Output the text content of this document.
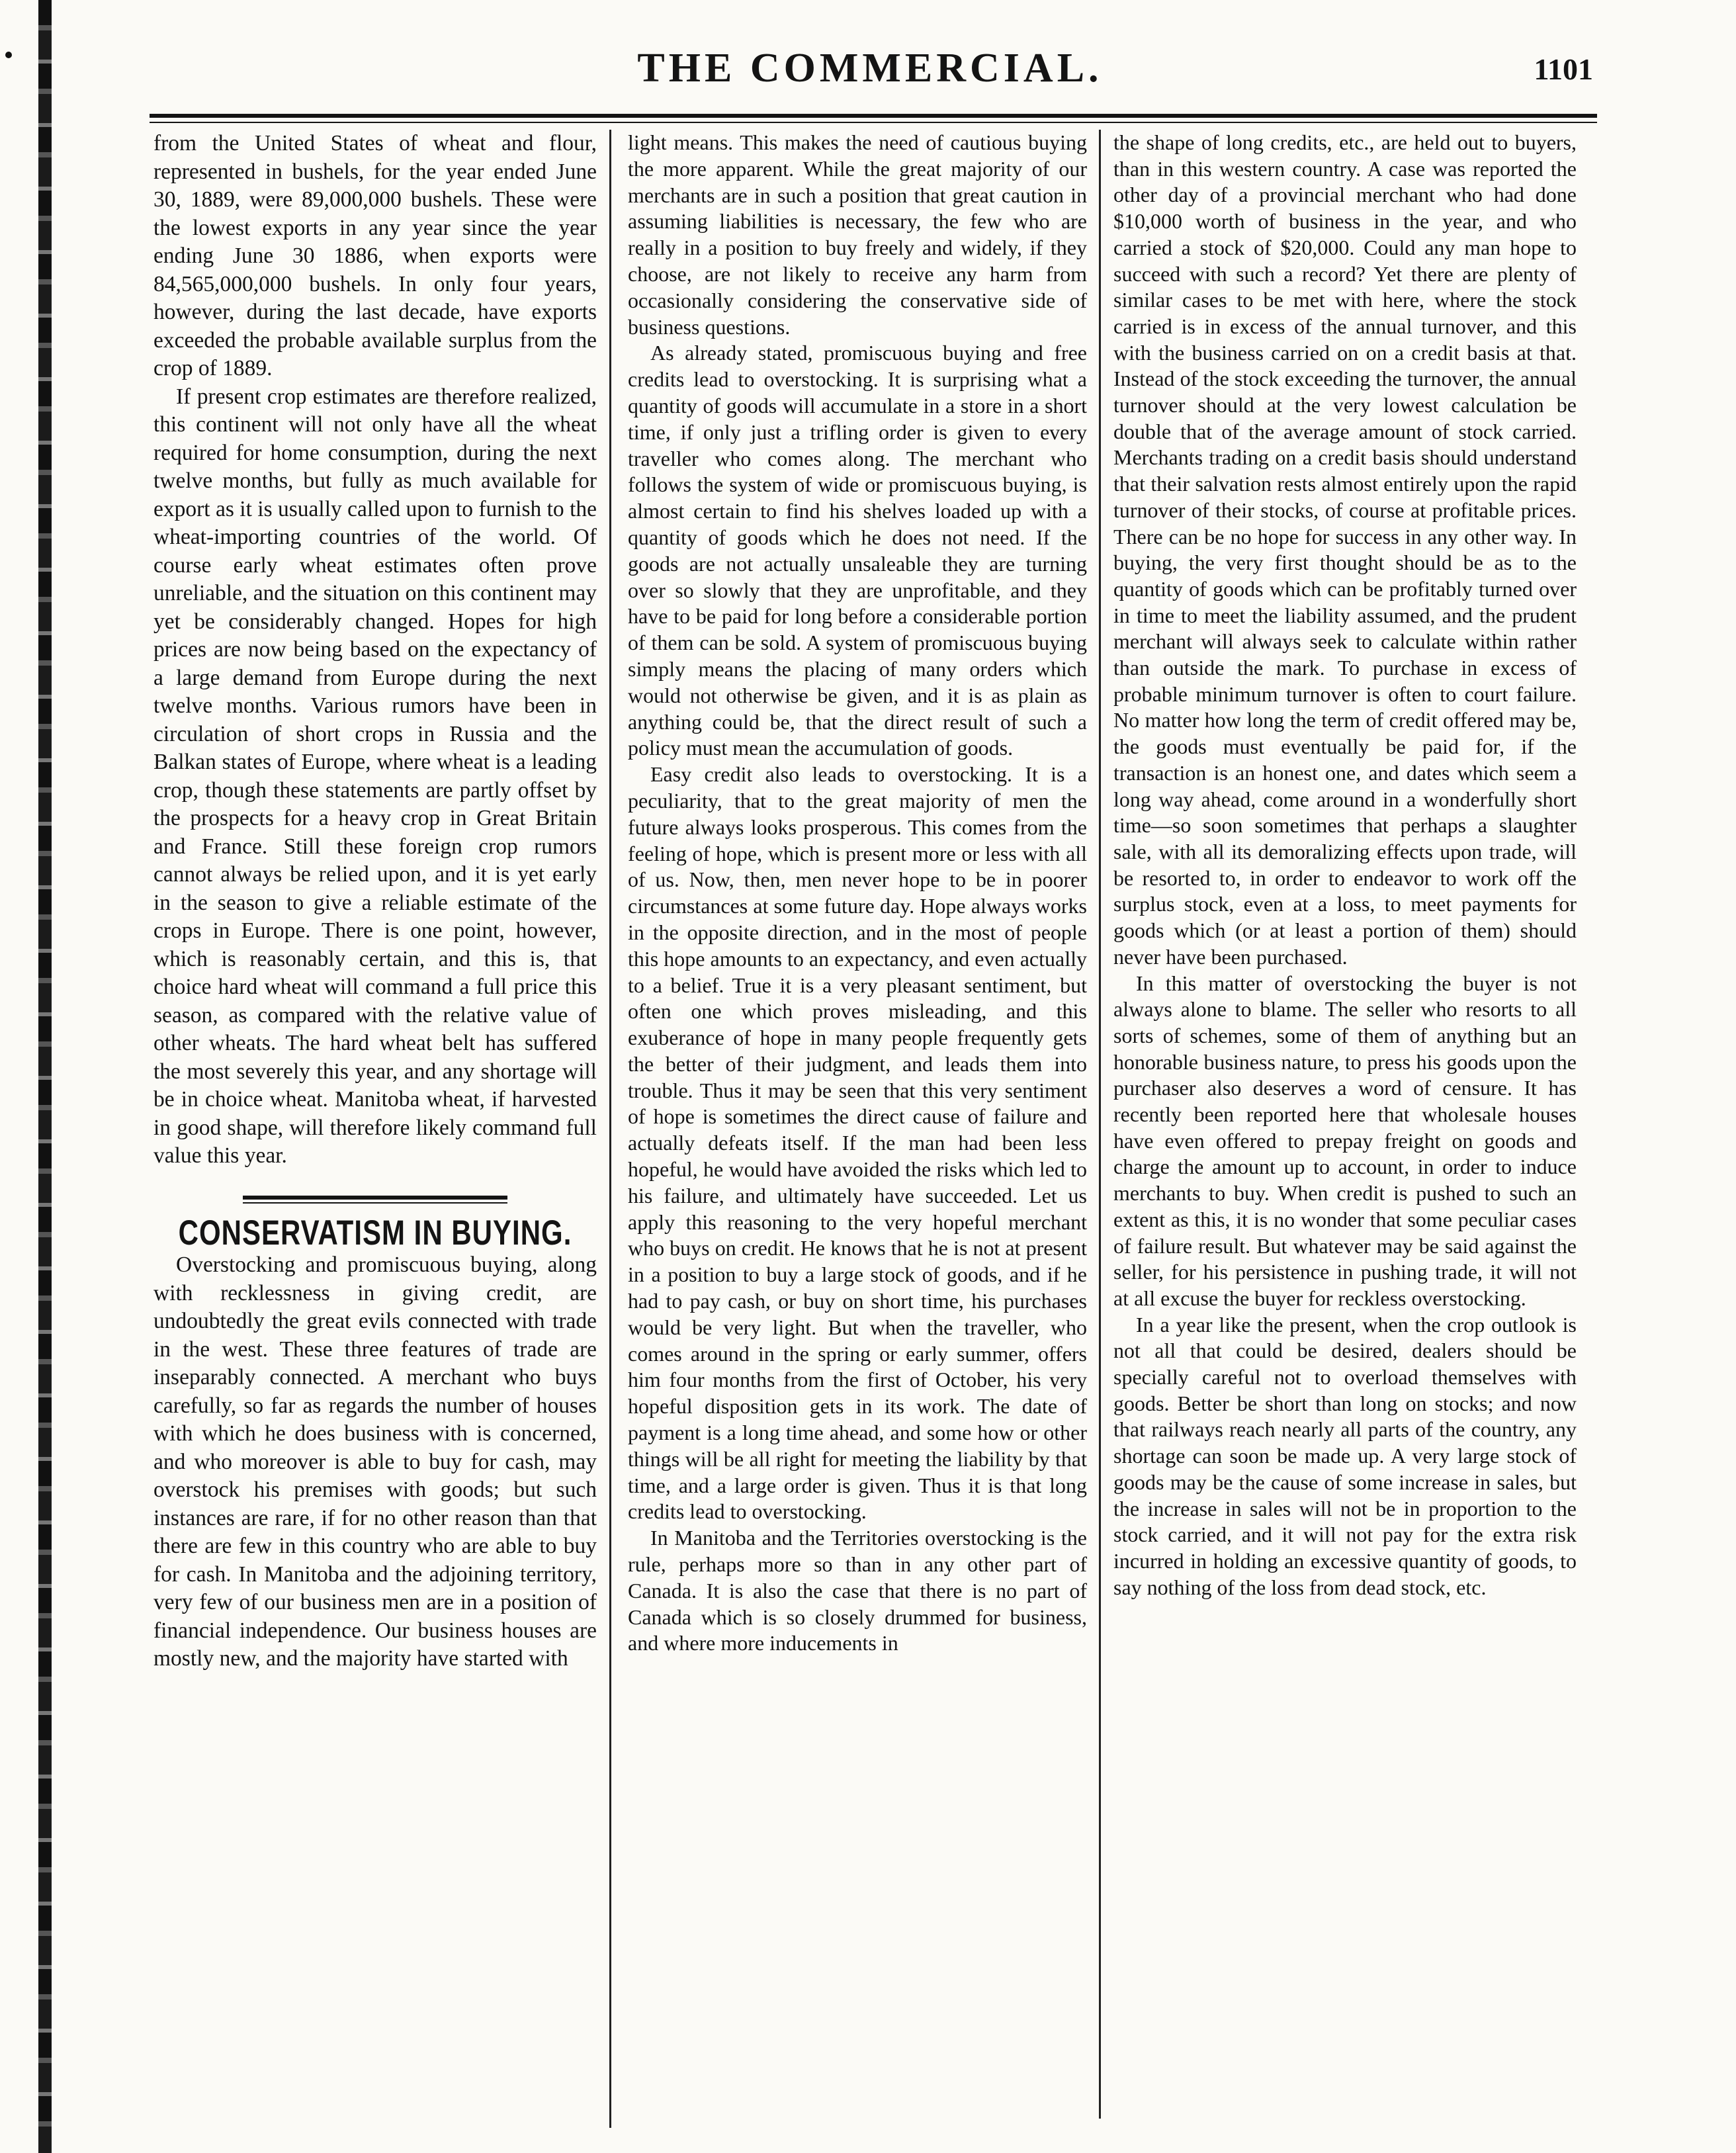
THE COMMERCIAL.	1101

from the United States of wheat and flour, represented in bushels, for the year ended June 30, 1889, were 89,000,000 bushels. These were the lowest exports in any year since the year ending June 30 1886, when exports were 84,565,000,000 bushels. In only four years, however, during the last decade, have exports exceeded the probable available surplus from the crop of 1889.

If present crop estimates are therefore realized, this continent will not only have all the wheat required for home consumption, during the next twelve months, but fully as much available for export as it is usually called upon to furnish to the wheat-importing countries of the world. Of course early wheat estimates often prove unreliable, and the situation on this continent may yet be considerably changed. Hopes for high prices are now being based on the expectancy of a large demand from Europe during the next twelve months. Various rumors have been in circulation of short crops in Russia and the Balkan states of Europe, where wheat is a leading crop, though these statements are partly offset by the prospects for a heavy crop in Great Britain and France. Still these foreign crop rumors cannot always be relied upon, and it is yet early in the season to give a reliable estimate of the crops in Europe. There is one point, however, which is reasonably certain, and this is, that choice hard wheat will command a full price this season, as compared with the relative value of other wheats. The hard wheat belt has suffered the most severely this year, and any shortage will be in choice wheat. Manitoba wheat, if harvested in good shape, will therefore likely command full value this year.

CONSERVATISM IN BUYING.

Overstocking and promiscuous buying, along with recklessness in giving credit, are undoubtedly the great evils connected with trade in the west. These three features of trade are inseparably connected. A merchant who buys carefully, so far as regards the number of houses with which he does business with is concerned, and who moreover is able to buy for cash, may overstock his premises with goods; but such instances are rare, if for no other reason than that there are few in this country who are able to buy for cash. In Manitoba and the adjoining territory, very few of our business men are in a position of financial independence. Our business houses are mostly new, and the majority have started with

light means. This makes the need of cautious buying the more apparent. While the great majority of our merchants are in such a position that great caution in assuming liabilities is necessary, the few who are really in a position to buy freely and widely, if they choose, are not likely to receive any harm from occasionally considering the conservative side of business questions.

As already stated, promiscuous buying and free credits lead to overstocking. It is surprising what a quantity of goods will accumulate in a store in a short time, if only just a trifling order is given to every traveller who comes along. The merchant who follows the system of wide or promiscuous buying, is almost certain to find his shelves loaded up with a quantity of goods which he does not need. If the goods are not actually unsaleable they are turning over so slowly that they are unprofitable, and they have to be paid for long before a considerable portion of them can be sold. A system of promiscuous buying simply means the placing of many orders which would not otherwise be given, and it is as plain as anything could be, that the direct result of such a policy must mean the accumulation of goods.

Easy credit also leads to overstocking. It is a peculiarity, that to the great majority of men the future always looks prosperous. This comes from the feeling of hope, which is present more or less with all of us. Now, then, men never hope to be in poorer circumstances at some future day. Hope always works in the opposite direction, and in the most of people this hope amounts to an expectancy, and even actually to a belief. True it is a very pleasant sentiment, but often one which proves misleading, and this exuberance of hope in many people frequently gets the better of their judgment, and leads them into trouble. Thus it may be seen that this very sentiment of hope is sometimes the direct cause of failure and actually defeats itself. If the man had been less hopeful, he would have avoided the risks which led to his failure, and ultimately have succeeded. Let us apply this reasoning to the very hopeful merchant who buys on credit. He knows that he is not at present in a position to buy a large stock of goods, and if he had to pay cash, or buy on short time, his purchases would be very light. But when the traveller, who comes around in the spring or early summer, offers him four months from the first of October, his very hopeful disposition gets in its work. The date of payment is a long time ahead, and some how or other things will be all right for meeting the liability by that time, and a large order is given. Thus it is that long credits lead to overstocking.

In Manitoba and the Territories overstocking is the rule, perhaps more so than in any other part of Canada. It is also the case that there is no part of Canada which is so closely drummed for business, and where more inducements in

the shape of long credits, etc., are held out to buyers, than in this western country. A case was reported the other day of a provincial merchant who had done $10,000 worth of business in the year, and who carried a stock of $20,000. Could any man hope to succeed with such a record? Yet there are plenty of similar cases to be met with here, where the stock carried is in excess of the annual turnover, and this with the business carried on on a credit basis at that. Instead of the stock exceeding the turnover, the annual turnover should at the very lowest calculation be double that of the average amount of stock carried. Merchants trading on a credit basis should understand that their salvation rests almost entirely upon the rapid turnover of their stocks, of course at profitable prices. There can be no hope for success in any other way. In buying, the very first thought should be as to the quantity of goods which can be profitably turned over in time to meet the liability assumed, and the prudent merchant will always seek to calculate within rather than outside the mark. To purchase in excess of probable minimum turnover is often to court failure. No matter how long the term of credit offered may be, the goods must eventually be paid for, if the transaction is an honest one, and dates which seem a long way ahead, come around in a wonderfully short time—so soon sometimes that perhaps a slaughter sale, with all its demoralizing effects upon trade, will be resorted to, in order to endeavor to work off the surplus stock, even at a loss, to meet payments for goods which (or at least a portion of them) should never have been purchased.

In this matter of overstocking the buyer is not always alone to blame. The seller who resorts to all sorts of schemes, some of them of anything but an honorable business nature, to press his goods upon the purchaser also deserves a word of censure. It has recently been reported here that wholesale houses have even offered to prepay freight on goods and charge the amount up to account, in order to induce merchants to buy. When credit is pushed to such an extent as this, it is no wonder that some peculiar cases of failure result. But whatever may be said against the seller, for his persistence in pushing trade, it will not at all excuse the buyer for reckless overstocking.

In a year like the present, when the crop outlook is not all that could be desired, dealers should be specially careful not to overload themselves with goods. Better be short than long on stocks; and now that railways reach nearly all parts of the country, any shortage can soon be made up. A very large stock of goods may be the cause of some increase in sales, but the increase in sales will not be in proportion to the stock carried, and it will not pay for the extra risk incurred in holding an excessive quantity of goods, to say nothing of the loss from dead stock, etc.
